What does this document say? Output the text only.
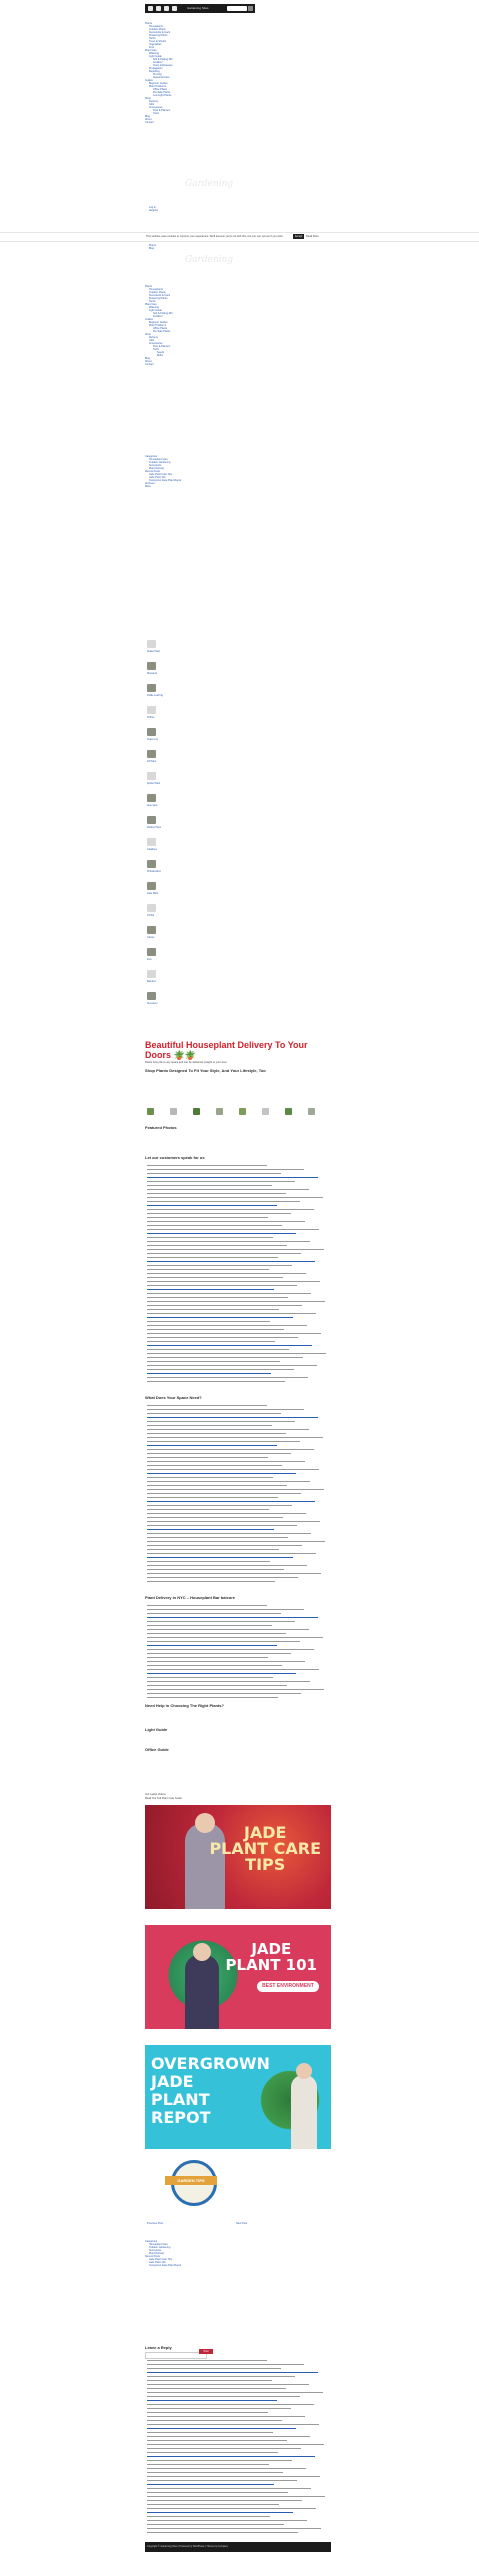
Gardening Sites
Plants
Houseplants
Outdoor Plants
Succulents & Cacti
Flowering Plants
Herbs
Trees & Shrubs
Vegetables
Fruit
Plant Care
Watering
Light Guide
Soil & Potting Mix
Fertilizer
Pests & Diseases
Propagation
Repotting
Pruning
Seasonal Care
Guides
Beginner Guides
Plant Problems
Office Plants
Pet Safe Plants
Low Light Plants
Shop
Delivery
Gifts
Accessories
Pots & Planters
Tools
Blog
About
Contact
Gardening
Log In
Register
This website uses cookies to improve your experience. We'll assume you're ok with this, but you can opt-out if you wish.	Accept	Read More
Plants
Blog
Gardening
Plants
Houseplants
Outdoor Plants
Succulents & Cacti
Flowering Plants
Herbs
Plant Care
Watering
Light Guide
Soil & Potting Mix
Fertilizer
Guides
Beginner Guides
Plant Problems
Office Plants
Pet Safe Plants
Shop
Delivery
Gifts
Accessories
Pots & Planters
Tools
Seeds
Bulbs
Blog
About
Contact
Categories
Houseplant Care
Outdoor Gardening
Succulents
Plant Delivery
Recent Posts
Jade Plant Care Tips
Jade Plant 101
Overgrown Jade Plant Repot
Archives
Meta
Snake Plant
Monstera
Fiddle Leaf Fig
Pothos
Peace Lily
ZZ Plant
Spider Plant
Aloe Vera
Rubber Plant
Calathea
Philodendron
Jade Plant
Orchid
Cactus
Fern
Bamboo
Succulent
Beautiful Houseplant Delivery To Your Doors 🪴🪴
Plants bring life to any space and can be delivered straight to your door.

Shop Plants Designed To Fit Your Style, And Your Lifestyle, Too
Featured Photos
Let our customers speak for us
What Does Your Space Need?
Plant Delivery in NYC – Houseplant Bar balcore
Need Help in Choosing The Right Plants?
Light Guide
Office Guide
Our Latest Videos
Read Our Full Plant Care Guide
JADE
PLANT CARE
TIPS
JADE
PLANT 101
BEST ENVIRONMENT
OVERGROWN
JADE
PLANT
REPOT
GARDEN TIPS
Previous Post	Next Post
Categories
Houseplant Care
Outdoor Gardening
Succulents
Plant Delivery
Recent Posts
Jade Plant Care Tips
Jade Plant 101
Overgrown Jade Plant Repot
Leave a Reply
Post Comment
Copyright © Gardening Sites | Powered by WordPress | Theme by Company
